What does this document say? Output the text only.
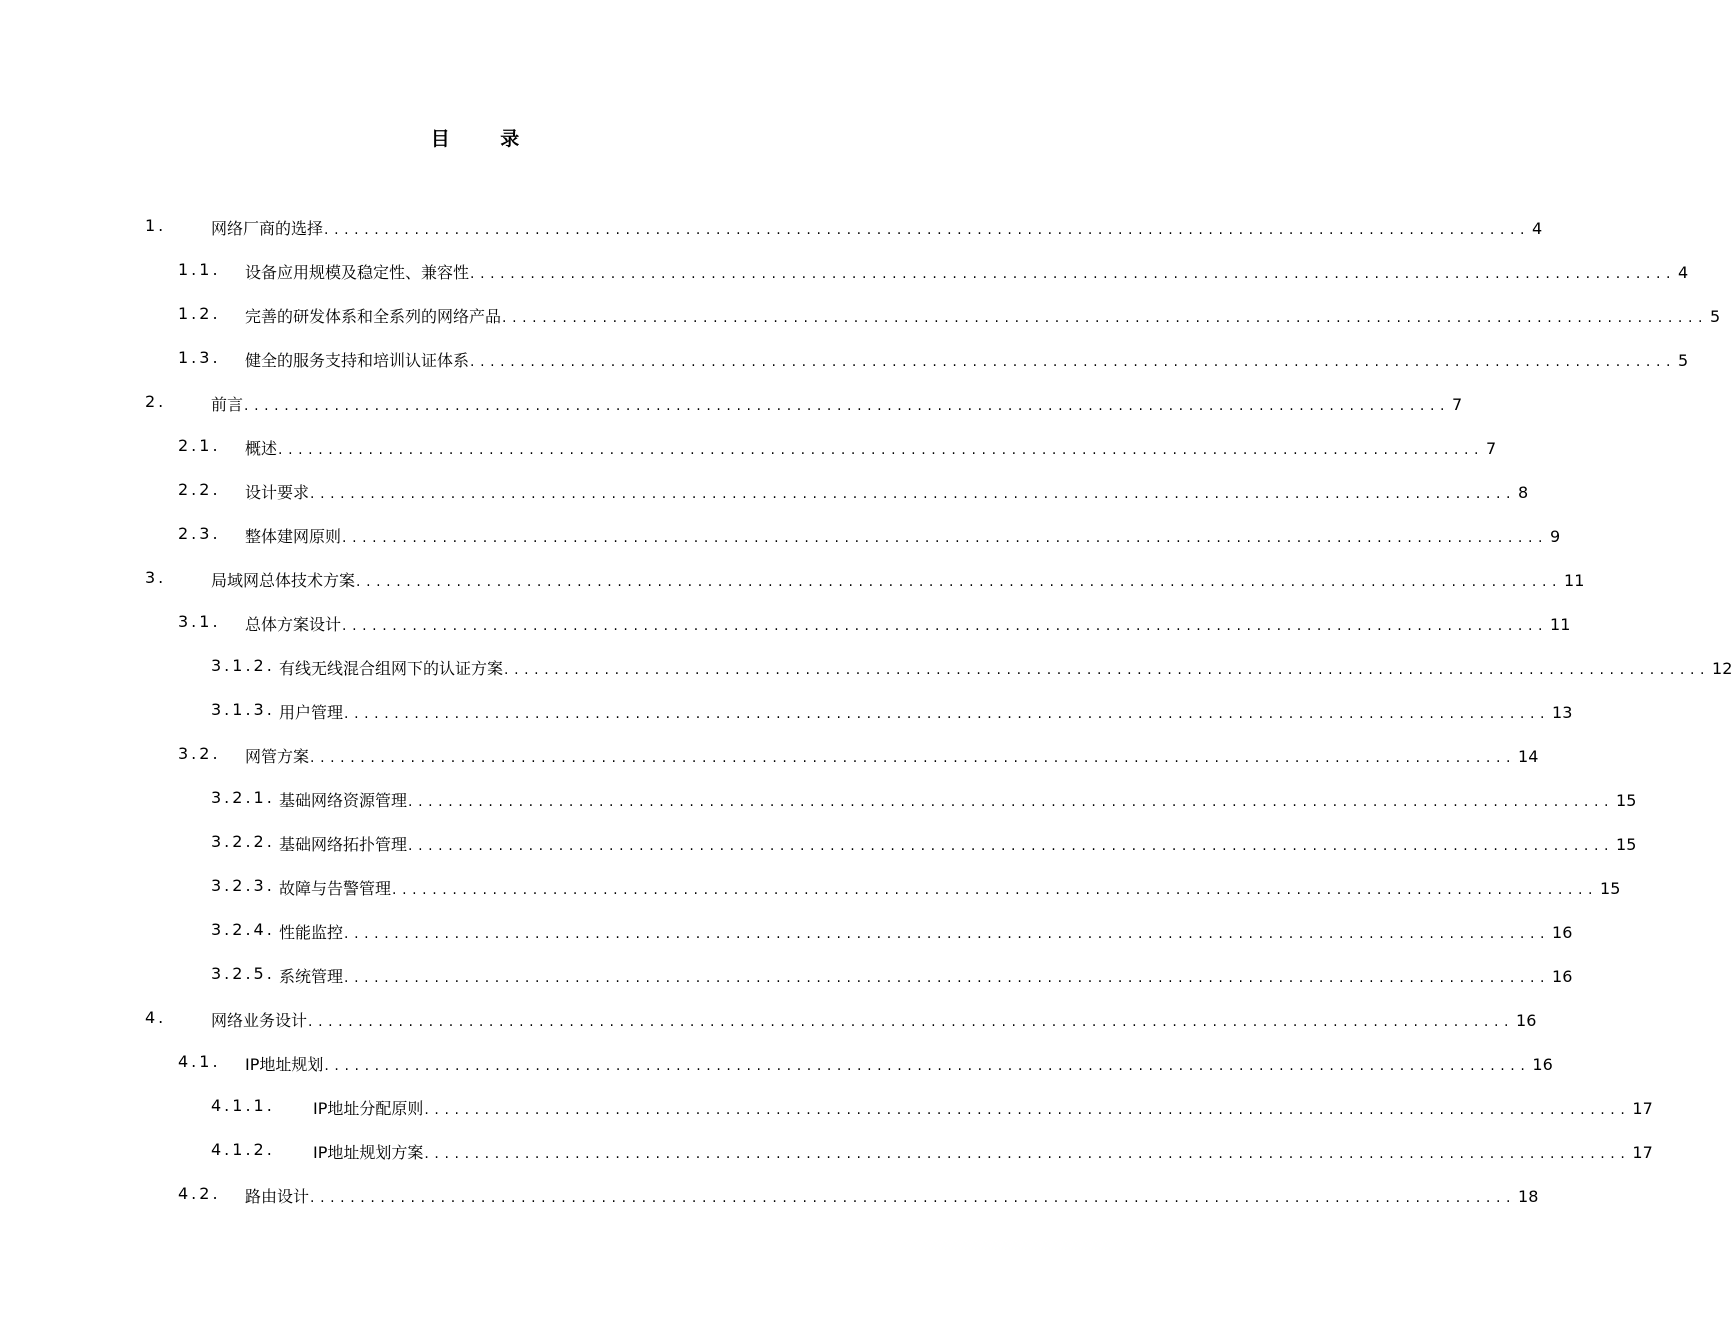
目 录
1.	网络厂商的选择 ........................................................................................................................ 4
1.1. 设备应用规模及稳定性、兼容性 ........................................................................................................................ 4
1.2. 完善的研发体系和全系列的网络产品 ........................................................................................................................ 5
1.3. 健全的服务支持和培训认证体系 ........................................................................................................................ 5
2.	前言 ........................................................................................................................ 7
2.1. 概述 ........................................................................................................................ 7
2.2. 设计要求 ........................................................................................................................ 8
2.3. 整体建网原则 ........................................................................................................................ 9
3.	局域网总体技术方案 ........................................................................................................................ 11
3.1. 总体方案设计 ........................................................................................................................ 11
3.1.2. 有线无线混合组网下的认证方案 ........................................................................................................................ 12
3.1.3. 用户管理 ........................................................................................................................ 13
3.2. 网管方案 ........................................................................................................................ 14
3.2.1. 基础网络资源管理 ........................................................................................................................ 15
3.2.2. 基础网络拓扑管理 ........................................................................................................................ 15
3.2.3. 故障与告警管理 ........................................................................................................................ 15
3.2.4. 性能监控 ........................................................................................................................ 16
3.2.5. 系统管理 ........................................................................................................................ 16
4.	网络业务设计 ........................................................................................................................ 16
4.1. IP地址规划 ........................................................................................................................ 16
4.1.1. IP地址分配原则 ........................................................................................................................ 17
4.1.2. IP地址规划方案 ........................................................................................................................ 17
4.2. 路由设计 ........................................................................................................................ 18
